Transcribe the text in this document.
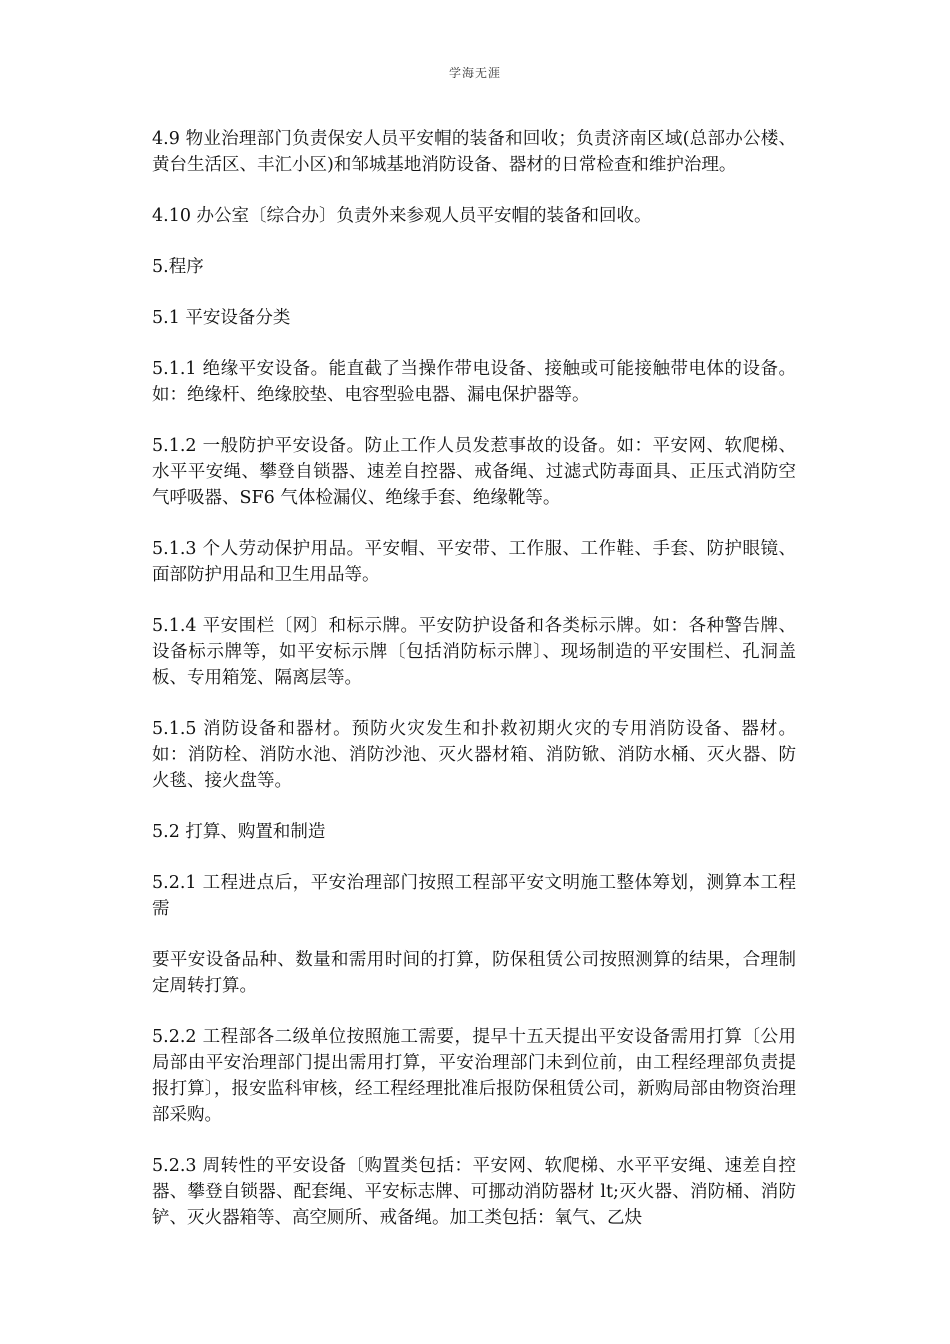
学海无涯

4.9 物业治理部门负责保安人员平安帽的装备和回收；负责济南区域(总部办公楼、黄台生活区、丰汇小区)和邹城基地消防设备、器材的日常检查和维护治理。

4.10 办公室〔综合办〕负责外来参观人员平安帽的装备和回收。

5.程序

5.1 平安设备分类

5.1.1 绝缘平安设备。能直截了当操作带电设备、接触或可能接触带电体的设备。如：绝缘杆、绝缘胶垫、电容型验电器、漏电保护器等。

5.1.2 一般防护平安设备。防止工作人员发惹事故的设备。如：平安网、软爬梯、水平平安绳、攀登自锁器、速差自控器、戒备绳、过滤式防毒面具、正压式消防空气呼吸器、SF6 气体检漏仪、绝缘手套、绝缘靴等。

5.1.3 个人劳动保护用品。平安帽、平安带、工作服、工作鞋、手套、防护眼镜、面部防护用品和卫生用品等。

5.1.4 平安围栏〔网〕和标示牌。平安防护设备和各类标示牌。如：各种警告牌、设备标示牌等，如平安标示牌〔包括消防标示牌〕、现场制造的平安围栏、孔洞盖板、专用箱笼、隔离层等。

5.1.5 消防设备和器材。预防火灾发生和扑救初期火灾的专用消防设备、器材。如：消防栓、消防水池、消防沙池、灭火器材箱、消防锨、消防水桶、灭火器、防火毯、接火盘等。

5.2 打算、购置和制造

5.2.1 工程进点后，平安治理部门按照工程部平安文明施工整体筹划，测算本工程需

要平安设备品种、数量和需用时间的打算，防保租赁公司按照测算的结果，合理制定周转打算。

5.2.2 工程部各二级单位按照施工需要，提早十五天提出平安设备需用打算〔公用局部由平安治理部门提出需用打算，平安治理部门未到位前，由工程经理部负责提报打算〕，报安监科审核，经工程经理批准后报防保租赁公司，新购局部由物资治理部采购。

5.2.3 周转性的平安设备〔购置类包括：平安网、软爬梯、水平平安绳、速差自控器、攀登自锁器、配套绳、平安标志牌、可挪动消防器材 lt;灭火器、消防桶、消防铲、灭火器箱等、高空厕所、戒备绳。加工类包括：氧气、乙炔
